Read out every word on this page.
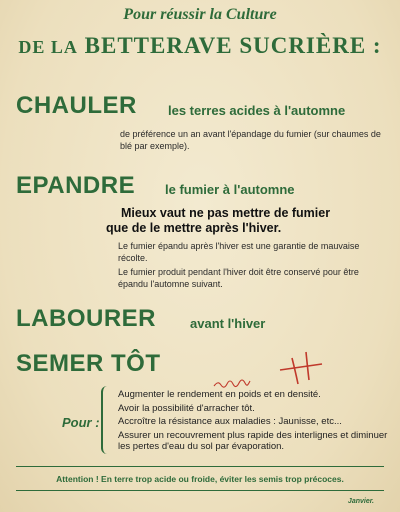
Pour réussir la Culture
DE LA BETTERAVE SUCRIÈRE :
CHAULER les terres acides à l'automne
de préférence un an avant l'épandage du fumier (sur chaumes de blé par exemple).
EPANDRE le fumier à l'automne
Mieux vaut ne pas mettre de fumier
que de le mettre après l'hiver.
Le fumier épandu après l'hiver est une garantie de mauvaise récolte.
Le fumier produit pendant l'hiver doit être conservé pour être épandu l'automne suivant.
LABOURER	avant l'hiver
SEMER TÔT
Pour :
Augmenter le rendement en poids et en densité.
Avoir la possibilité d'arracher tôt.
Accroître la résistance aux maladies : Jaunisse, etc...
Assurer un recouvrement plus rapide des interlignes et diminuer les pertes d'eau du sol par évaporation.
Attention ! En terre trop acide ou froide, éviter les semis trop précoces.
Janvier.
